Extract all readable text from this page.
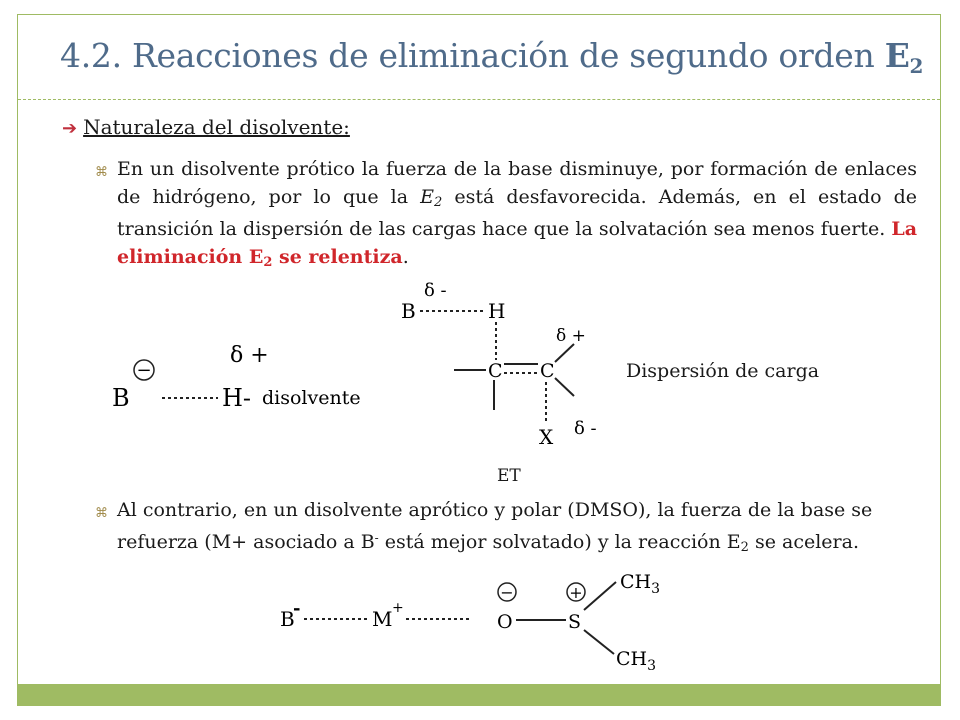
4.2. Reacciones de eliminación de segundo orden $E_2$
➔ Naturaleza del disolvente:
⌘ En un disolvente prótico la fuerza de la base disminuye, por formación de enlaces de hidrógeno, por lo que la $E_2$ está desfavorecida. Además, en el estado de transición la dispersión de las cargas hace que la solvatación sea menos fuerte. La eliminación $E_2$ se relentiza.
−
B	H- disolvente
δ +
B
δ -
H
C C
δ +
X δ -
B
-	M +
−
O
+
S
$CH_3$
$CH_3$
Dispersión de carga
ET
⌘ Al contrario, en un disolvente aprótico y polar (DMSO), la fuerza de la base se refuerza (M+ asociado a B- está mejor solvatado) y la reacción $E_2$ se acelera.
